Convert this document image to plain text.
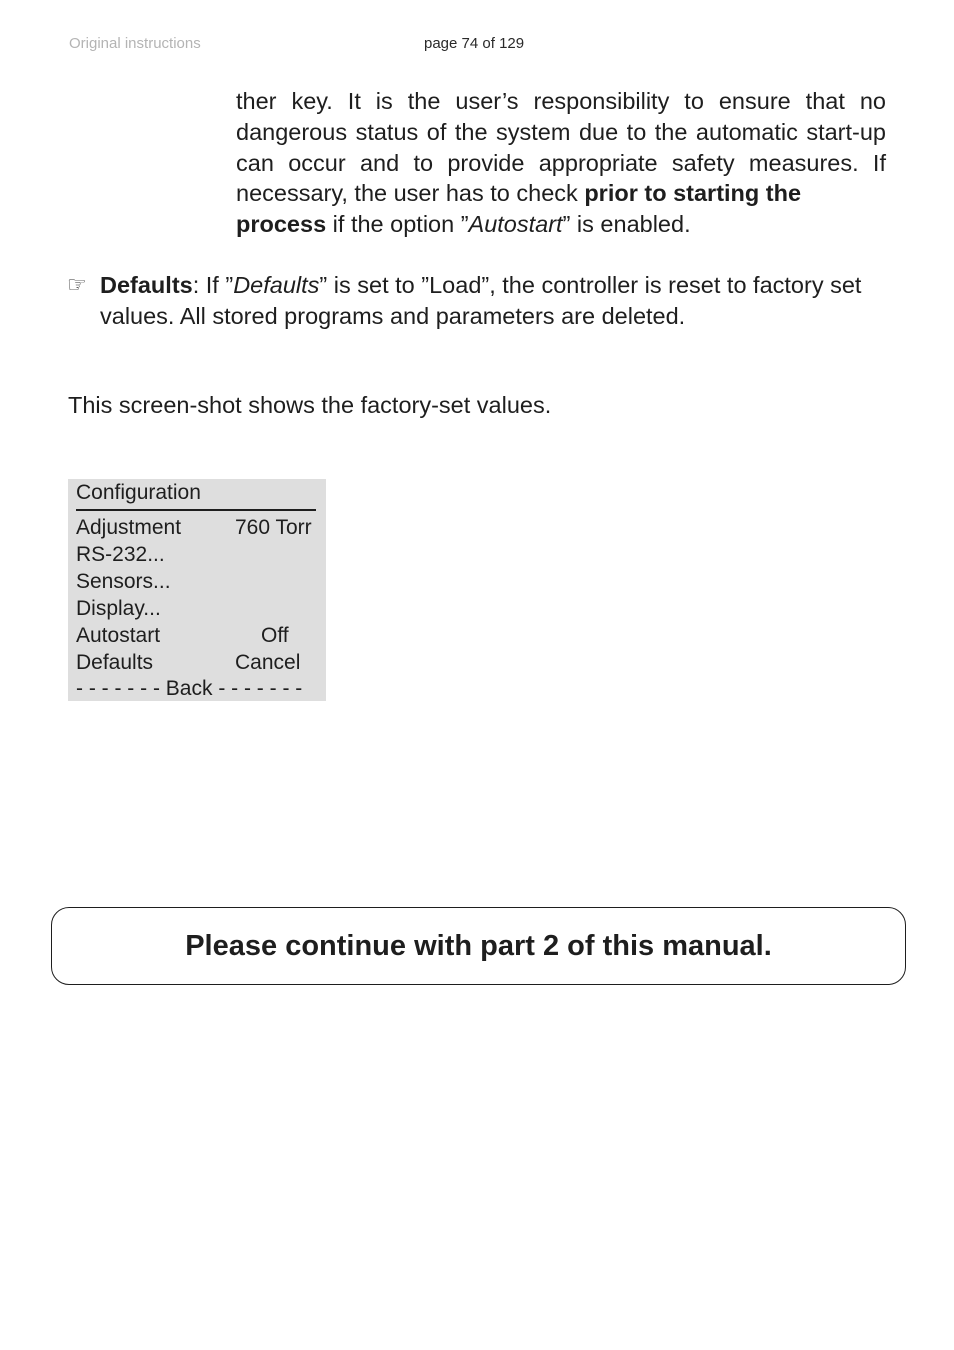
Original instructions	page 74 of 129

ther key. It is the user’s responsibility to ensure that no dangerous status of the system due to the automatic start-up can occur and to provide appropriate safety measures. If necessary, the user has to check prior to starting the
process if the option ”Autostart” is enabled.

☞ Defaults: If ”Defaults” is set to ”Load”, the controller is reset to factory set values. All stored programs and parameters are deleted.

This screen-shot shows the factory-set values.

Configuration
Adjustment	760 Torr
RS-232...
Sensors...
Display...
Autostart	Off
Defaults	Cancel
- - - - - - - Back - - - - - - -
Please continue with part 2 of this manual.
